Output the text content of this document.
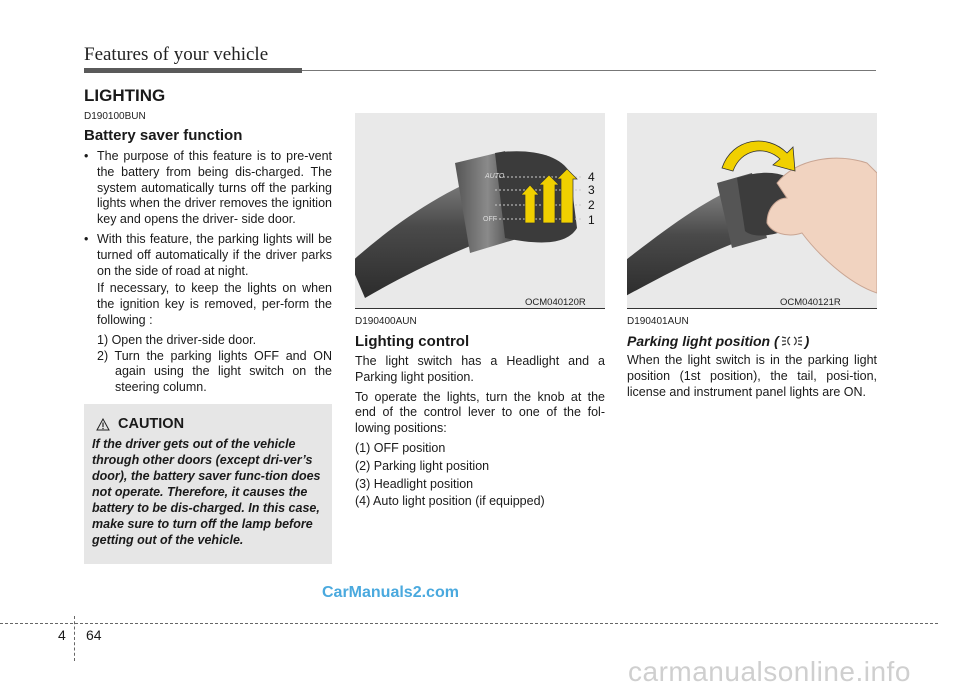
Features of your vehicle
LIGHTING
D190100BUN
Battery saver function
• The purpose of this feature is to pre-vent the battery from being dis-charged. The system automatically turns off the parking lights when the driver removes the ignition key and opens the driver- side door.
• With this feature, the parking lights will be turned off automatically if the driver parks on the side of road at night.

If necessary, to keep the lights on when the ignition key is removed, per-form the following :

1) Open the driver-side door.
2) Turn the parking lights OFF and ON again using the light switch on the steering column.
CAUTION
If the driver gets out of the vehicle through other doors (except dri-ver’s door), the battery saver func-tion does not operate. Therefore, it causes the battery to be dis-charged. In this case, make sure to turn off the lamp before getting out of the vehicle.
AUTO
OFF
4
3
2
1
OCM040120R
D190400AUN
Lighting control

The light switch has a Headlight and a Parking light position.

To operate the lights, turn the knob at the end of the control lever to one of the fol-lowing positions:

(1) OFF position
(2) Parking light position
(3) Headlight position
(4) Auto light position (if equipped)
OCM040121R
D190401AUN
Parking light position ( )

When the light switch is in the parking light position (1st position), the tail, posi-tion, license and instrument panel lights are ON.

CarManuals2.com
4 64
carmanualsonline.info
